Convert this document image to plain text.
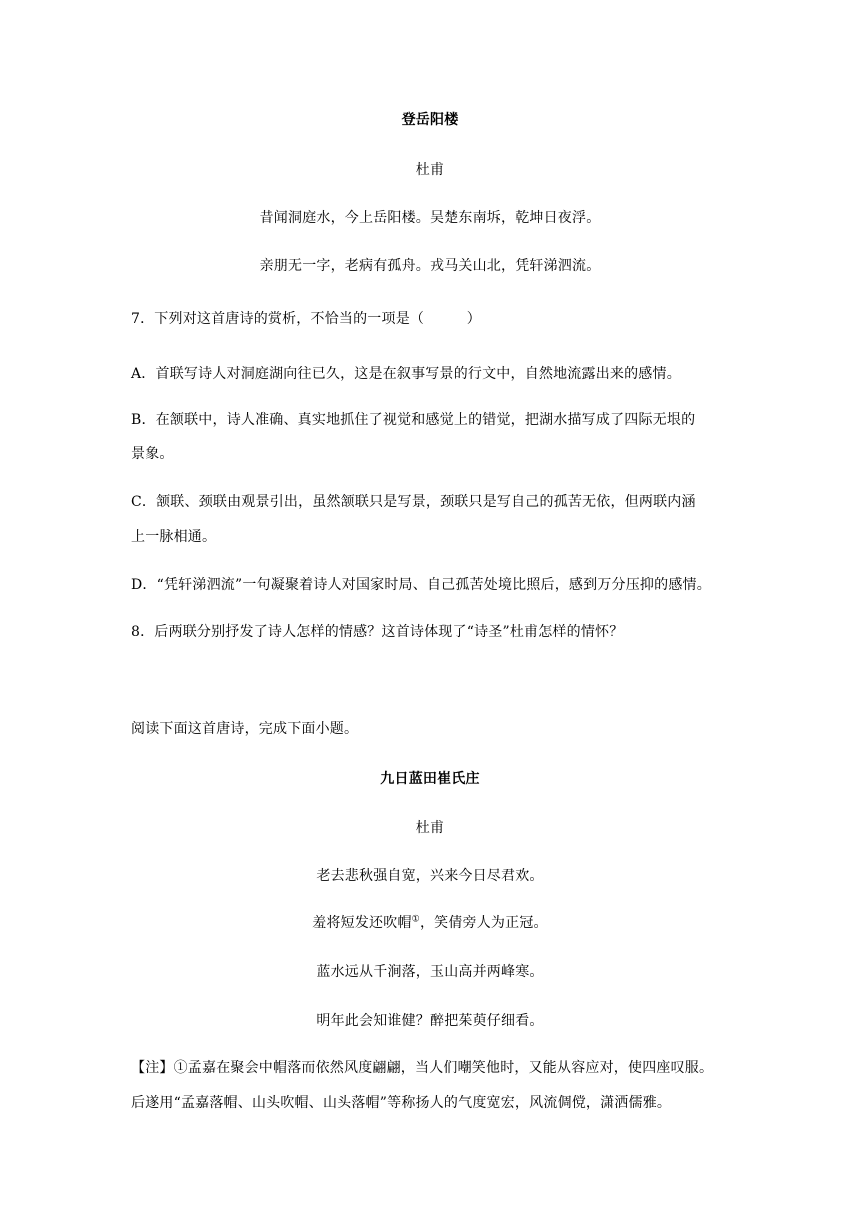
登岳阳楼
杜甫
昔闻洞庭水，今上岳阳楼。吴楚东南坼，乾坤日夜浮。
亲朋无一字，老病有孤舟。戎马关山北，凭轩涕泗流。
7．下列对这首唐诗的赏析，不恰当的一项是（　　　）
A．首联写诗人对洞庭湖向往已久，这是在叙事写景的行文中，自然地流露出来的感情。
B．在颔联中，诗人准确、真实地抓住了视觉和感觉上的错觉，把湖水描写成了四际无垠的
景象。
C．颔联、颈联由观景引出，虽然颔联只是写景，颈联只是写自己的孤苦无依，但两联内涵
上一脉相通。
D．“凭轩涕泗流”一句凝聚着诗人对国家时局、自己孤苦处境比照后，感到万分压抑的感情。
8．后两联分别抒发了诗人怎样的情感？这首诗体现了“诗圣”杜甫怎样的情怀？
阅读下面这首唐诗，完成下面小题。
九日蓝田崔氏庄
杜甫
老去悲秋强自宽，兴来今日尽君欢。
羞将短发还吹帽①，笑倩旁人为正冠。
蓝水远从千涧落，玉山高并两峰寒。
明年此会知谁健？醉把茱萸仔细看。
【注】①孟嘉在聚会中帽落而依然风度翩翩，当人们嘲笑他时，又能从容应对，使四座叹服。
后遂用“孟嘉落帽、山头吹帽、山头落帽”等称扬人的气度宽宏，风流倜傥，潇洒儒雅。
